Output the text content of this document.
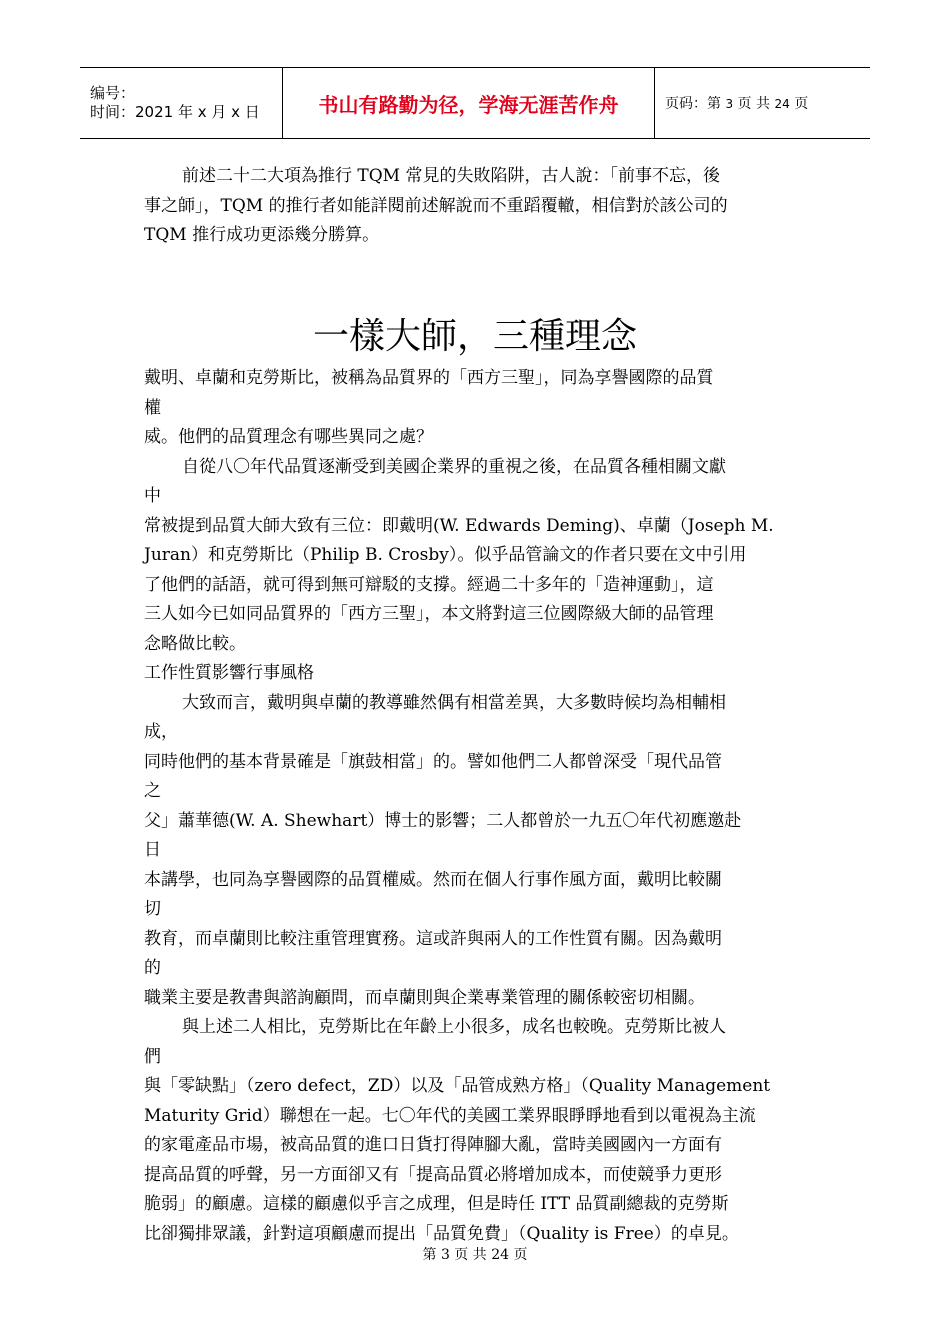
编号：
时间：2021 年 x 月 x 日	书山有路勤为径，学海无涯苦作舟	页码：第 3 页 共 24 页

前述二十二大項為推行 TQM 常見的失敗陷阱，古人說：「前事不忘，後

事之師」，TQM 的推行者如能詳閱前述解說而不重蹈覆轍，相信對於該公司的

TQM 推行成功更添幾分勝算。

一樣大師，三種理念

戴明、卓蘭和克勞斯比，被稱為品質界的「西方三聖」，同為享譽國際的品質

權

威。他們的品質理念有哪些異同之處？

自從八〇年代品質逐漸受到美國企業界的重視之後，在品質各種相關文獻

中

常被提到品質大師大致有三位：即戴明(W. Edwards Deming)、卓蘭（Joseph M.

Juran）和克勞斯比（Philip B. Crosby）。似乎品管論文的作者只要在文中引用

了他們的話語，就可得到無可辯駁的支撐。經過二十多年的「造神運動」，這

三人如今已如同品質界的「西方三聖」，本文將對這三位國際級大師的品管理

念略做比較。

工作性質影響行事風格

大致而言，戴明與卓蘭的教導雖然偶有相當差異，大多數時候均為相輔相

成，

同時他們的基本背景確是「旗鼓相當」的。譬如他們二人都曾深受「現代品管

之

父」蕭華德(W. A. Shewhart）博士的影響；二人都曾於一九五〇年代初應邀赴

日

本講學，也同為享譽國際的品質權威。然而在個人行事作風方面，戴明比較關

切

教育，而卓蘭則比較注重管理實務。這或許與兩人的工作性質有關。因為戴明

的

職業主要是教書與諮詢顧問，而卓蘭則與企業專業管理的關係較密切相關。

與上述二人相比，克勞斯比在年齡上小很多，成名也較晚。克勞斯比被人

們

與「零缺點」（zero defect，ZD）以及「品管成熟方格」（Quality Management

Maturity Grid）聯想在一起。七〇年代的美國工業界眼睜睜地看到以電視為主流

的家電產品市場，被高品質的進口日貨打得陣腳大亂，當時美國國內一方面有

提高品質的呼聲，另一方面卻又有「提高品質必將增加成本，而使競爭力更形

脆弱」的顧慮。這樣的顧慮似乎言之成理，但是時任 ITT 品質副總裁的克勞斯

比卻獨排眾議，針對這項顧慮而提出「品質免費」（Quality is Free）的卓見。

第 3 页 共 24 页
